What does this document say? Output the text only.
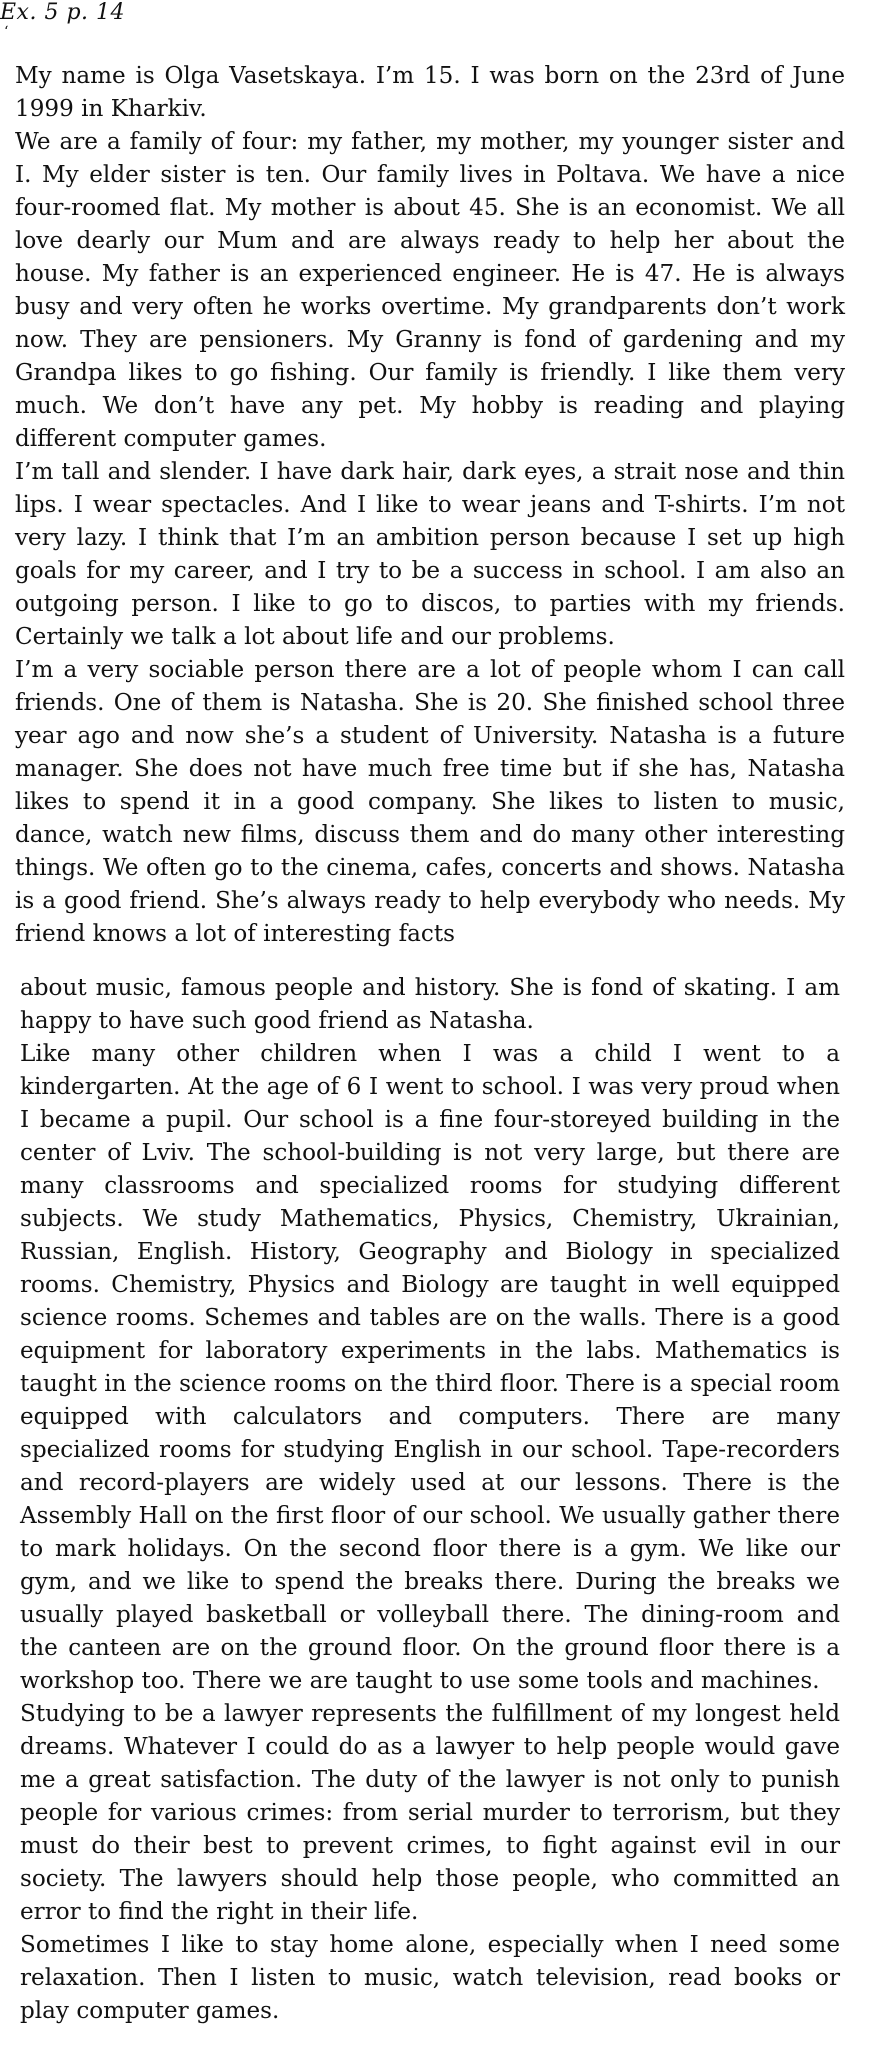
Ex. 5 p. 14
‘

My name is Olga Vasetskaya. I’m 15. I was born on the 23rd of June 1999 in Kharkiv.

We are a family of four: my father, my mother, my younger sister and I. My elder sister is ten. Our family lives in Poltava. We have a nice four-roomed flat. My mother is about 45. She is an economist. We all love dearly our Mum and are always ready to help her about the house. My father is an experienced engineer. He is 47. He is always busy and very often he works overtime. My grandparents don’t work now. They are pensioners. My Granny is fond of gardening and my Grandpa likes to go fishing. Our family is friendly. I like them very much. We don’t have any pet. My hobby is reading and playing different computer games.

I’m tall and slender. I have dark hair, dark eyes, a strait nose and thin lips. I wear spectacles. And I like to wear jeans and T-shirts. I’m not very lazy. I think that I’m an ambition person because I set up high goals for my career, and I try to be a success in school. I am also an outgoing person. I like to go to discos, to parties with my friends. Certainly we talk a lot about life and our problems.

I’m a very sociable person there are a lot of people whom I can call friends. One of them is Natasha. She is 20. She finished school three year ago and now she’s a student of University. Natasha is a future manager. She does not have much free time but if she has, Natasha likes to spend it in a good company. She likes to listen to music, dance, watch new films, discuss them and do many other interesting things. We often go to the cinema, cafes, concerts and shows. Natasha is a good friend. She’s always ready to help everybody who needs. My friend knows a lot of interesting facts

about music, famous people and history. She is fond of skating. I am happy to have such good friend as Natasha.

Like many other children when I was a child I went to a kindergarten. At the age of 6 I went to school. I was very proud when I became a pupil. Our school is a fine four-storeyed building in the center of Lviv. The school-building is not very large, but there are many classrooms and specialized rooms for studying different subjects. We study Mathematics, Physics, Chemistry, Ukrainian, Russian, English. History, Geography and Biology in specialized rooms. Chemistry, Physics and Biology are taught in well equipped science rooms. Schemes and tables are on the walls. There is a good equipment for laboratory experiments in the labs. Mathematics is taught in the science rooms on the third floor. There is a special room equipped with calculators and computers. There are many specialized rooms for studying English in our school. Tape-recorders and record-players are widely used at our lessons. There is the Assembly Hall on the first floor of our school. We usually gather there to mark holidays. On the second floor there is a gym. We like our gym, and we like to spend the breaks there. During the breaks we usually played basketball or volleyball there. The dining-room and the canteen are on the ground floor. On the ground floor there is a workshop too. There we are taught to use some tools and machines.

Studying to be a lawyer represents the fulfillment of my longest held dreams. Whatever I could do as a lawyer to help people would gave me a great satisfaction. The duty of the lawyer is not only to punish people for various crimes: from serial murder to terrorism, but they must do their best to prevent crimes, to fight against evil in our society. The lawyers should help those people, who committed an error to find the right in their life.

Sometimes I like to stay home alone, especially when I need some relaxation. Then I listen to music, watch television, read books or play computer games.
